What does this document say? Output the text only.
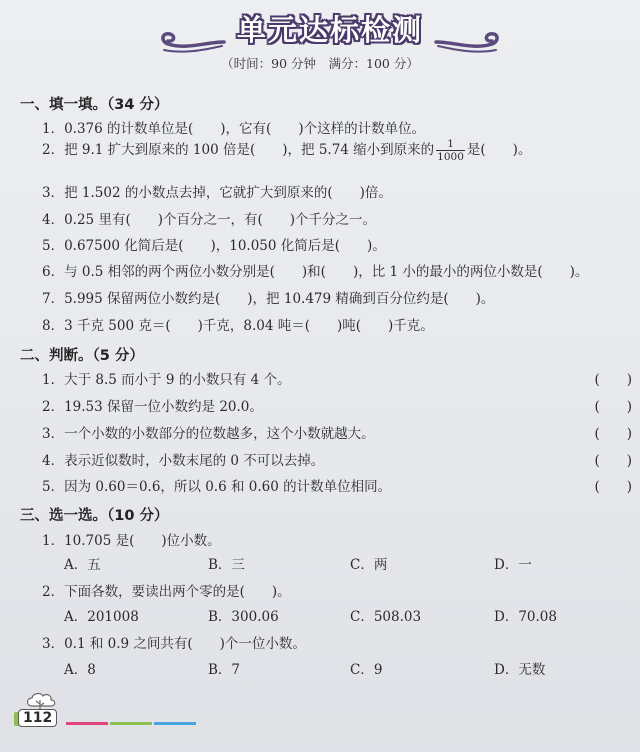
单元达标检测
（时间：90 分钟　满分：100 分）
一、填一填。（34 分）
1．0.376 的计数单位是(　　)，它有(　　)个这样的计数单位。
2．把 9.1 扩大到原来的 100 倍是(　　)，把 5.74 缩小到原来的 $\frac{1}{1000}$ 是(　　)。
3．把 1.502 的小数点去掉，它就扩大到原来的(　　)倍。
4．0.25 里有(　　)个百分之一，有(　　)个千分之一。
5．0.67500 化简后是(　　)，10.050 化简后是(　　)。
6．与 0.5 相邻的两个两位小数分别是(　　)和(　　)，比 1 小的最小的两位小数是(　　)。
7．5.995 保留两位小数约是(　　)，把 10.479 精确到百分位约是(　　)。
8．3 千克 500 克＝(　　)千克，8.04 吨＝(　　)吨(　　)千克。
二、判断。（5 分）
1．大于 8.5 而小于 9 的小数只有 4 个。	(　　)
2．19.53 保留一位小数约是 20.0。	(　　)
3．一个小数的小数部分的位数越多，这个小数就越大。	(　　)
4．表示近似数时，小数末尾的 0 不可以去掉。	(　　)
5．因为 0.60＝0.6，所以 0.6 和 0.60 的计数单位相同。	(　　)
三、选一选。（10 分）
1．10.705 是(　　)位小数。
A．五	B．三	C．两	D．一
2．下面各数，要读出两个零的是(　　)。
A．201008	B．300.06	C．508.03	D．70.08
3．0.1 和 0.9 之间共有(　　)个一位小数。
A．8	B．7	C．9	D．无数
112
